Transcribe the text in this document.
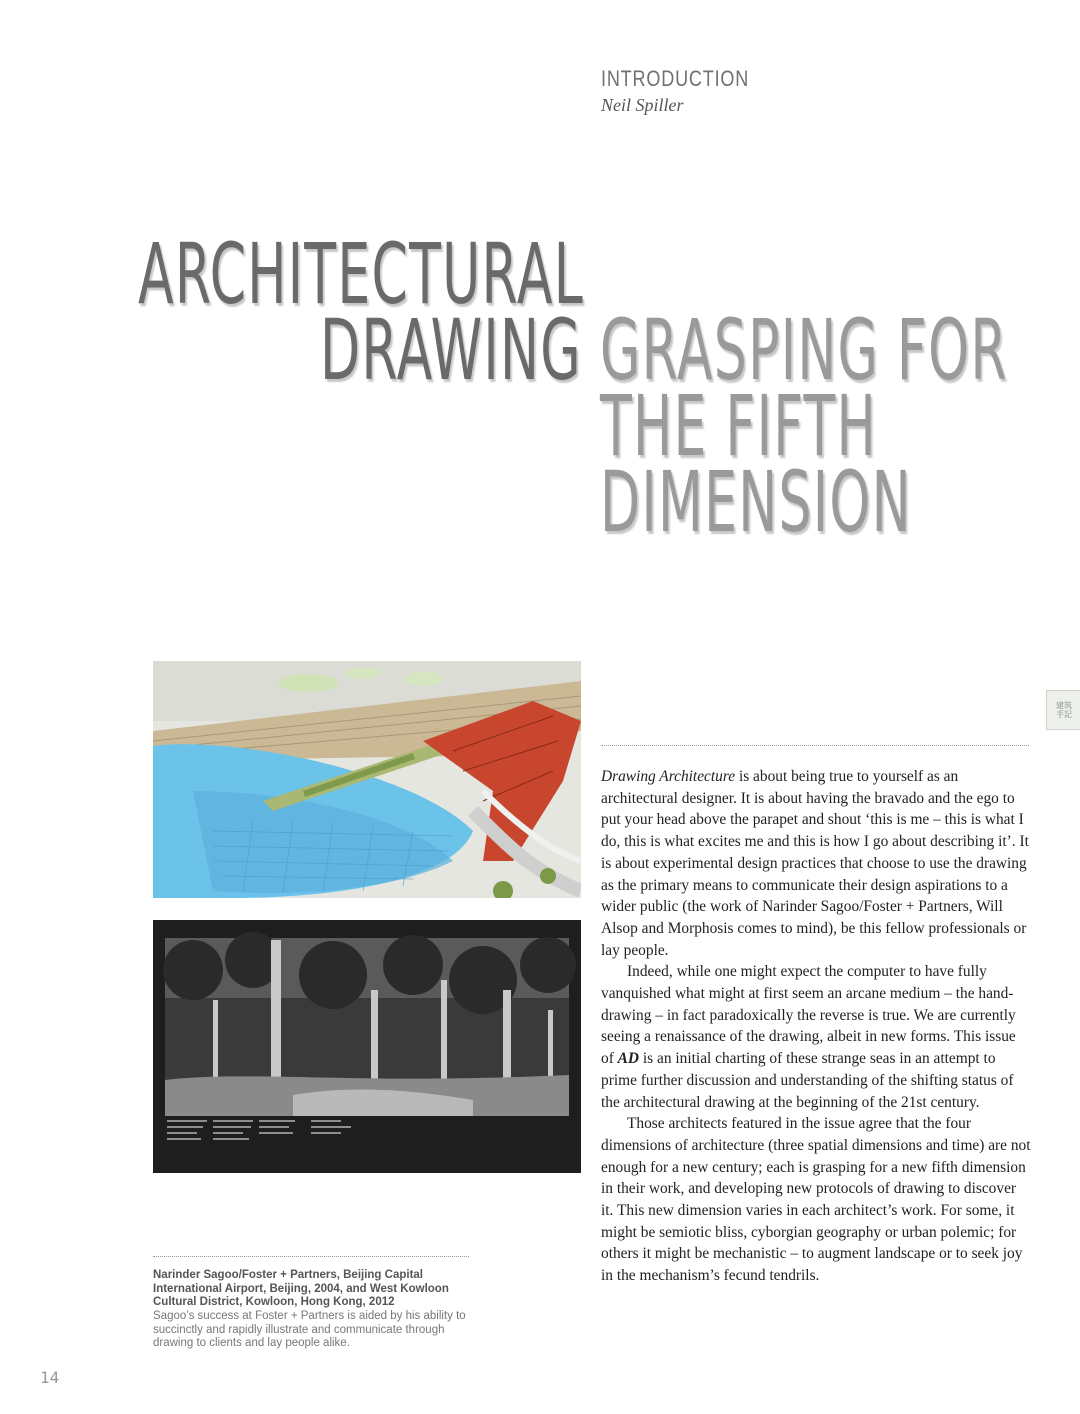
INTRODUCTION
Neil Spiller
ARCHITECTURAL
DRAWING GRASPING FOR
THE FIFTH
DIMENSION
Narinder Sagoo/Foster + Partners, Beijing Capital International Airport, Beijing, 2004, and West Kowloon Cultural District, Kowloon, Hong Kong, 2012
Sagoo’s success at Foster + Partners is aided by his ability to succinctly and rapidly illustrate and communicate through drawing to clients and lay people alike.

Drawing Architecture is about being true to yourself as an architectural designer. It is about having the bravado and the ego to put your head above the parapet and shout ‘this is me – this is what I do, this is what excites me and this is how I go about describing it’. It is about experimental design practices that choose to use the drawing as the primary means to communicate their design aspirations to a wider public (the work of Narinder Sagoo/Foster + Partners, Will Alsop and Morphosis comes to mind), be this fellow professionals or lay people.

Indeed, while one might expect the computer to have fully vanquished what might at first seem an arcane medium – the hand-drawing – in fact paradoxically the reverse is true. We are currently seeing a renaissance of the drawing, albeit in new forms. This issue of AD is an initial charting of these strange seas in an attempt to prime further discussion and understanding of the shifting status of the architectural drawing at the beginning of the 21st century.

Those architects featured in the issue agree that the four dimensions of architecture (three spatial dimensions and time) are not enough for a new century; each is grasping for a new fifth dimension in their work, and developing new protocols of drawing to discover it. This new dimension varies in each architect’s work. For some, it might be semiotic bliss, cyborgian geography or urban polemic; for others it might be mechanistic – to augment landscape or to seek joy in the mechanism’s fecund tendrils.

14
建筑手記
